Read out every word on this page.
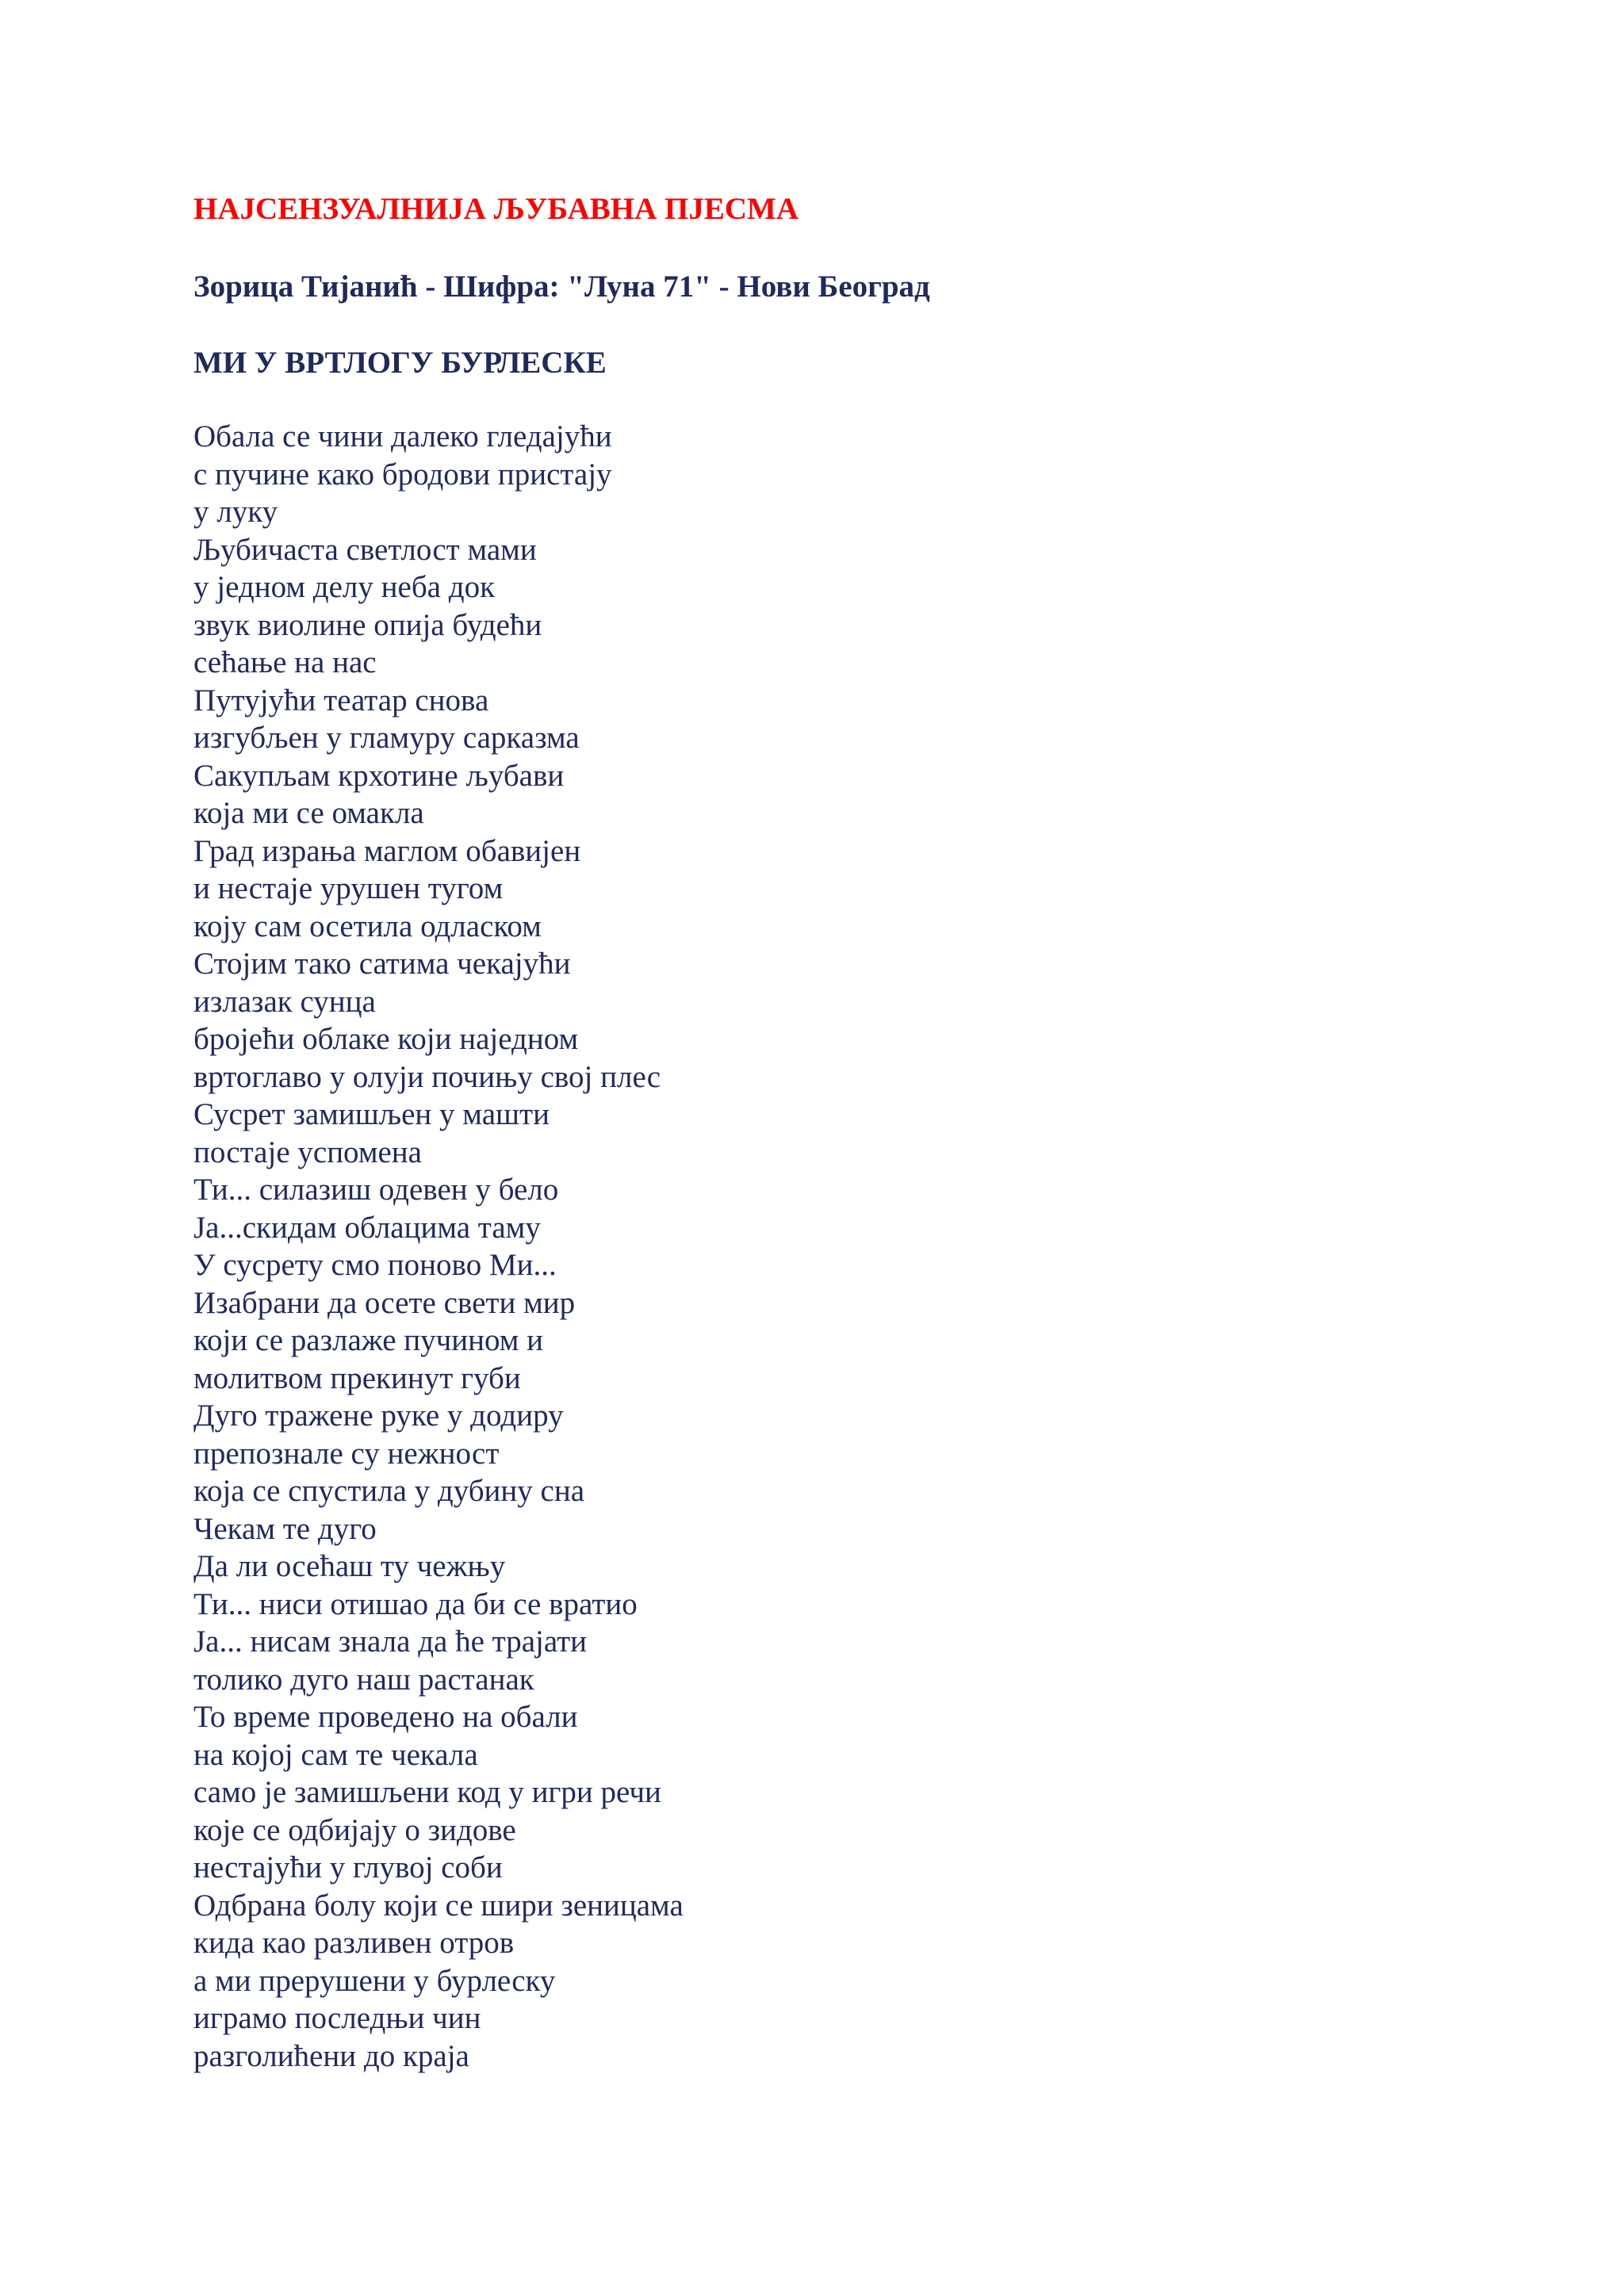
НАЈСЕНЗУАЛНИЈА ЉУБАВНА ПЈЕСМА
Зорица Тијанић - Шифра: "Луна 71" - Нови Београд
МИ У ВРТЛОГУ БУРЛЕСКЕ
Обала се чини далеко гледајући
с пучине како бродови пристају
у луку
Љубичаста светлост мами
у једном делу неба док
звук виолине опија будећи
сећање на нас
Путујући театар снова
изгубљен у гламуру сарказма
Сакупљам крхотине љубави
која ми се омакла
Град израња маглом обавијен
и нестаје урушен тугом
коју сам осетила одласком
Стојим тако сатима чекајући
излазак сунца
бројећи облаке који наједном
вртоглаво у олуји почињу свој плес
Сусрет замишљен у машти
постаје успомена
Ти... силазиш одевен у бело
Ја...скидам облацима таму
У сусрету смо поново Ми...
Изабрани да осете свети мир
који се разлаже пучином и
молитвом прекинут губи
Дуго тражене руке у додиру
препознале су нежност
која се спустила у дубину сна
Чекам те дуго
Да ли осећаш ту чежњу
Ти... ниси отишао да би се вратио
Ја... нисам знала да ће трајати
толико дуго наш растанак
То време проведено на обали
на којој сам те чекала
само је замишљени код у игри речи
које се одбијају о зидове
нестајући у глувој соби
Одбрана болу који се шири зеницама
кида као разливен отров
а ми прерушени у бурлеску
играмо последњи чин
разголићени до краја
